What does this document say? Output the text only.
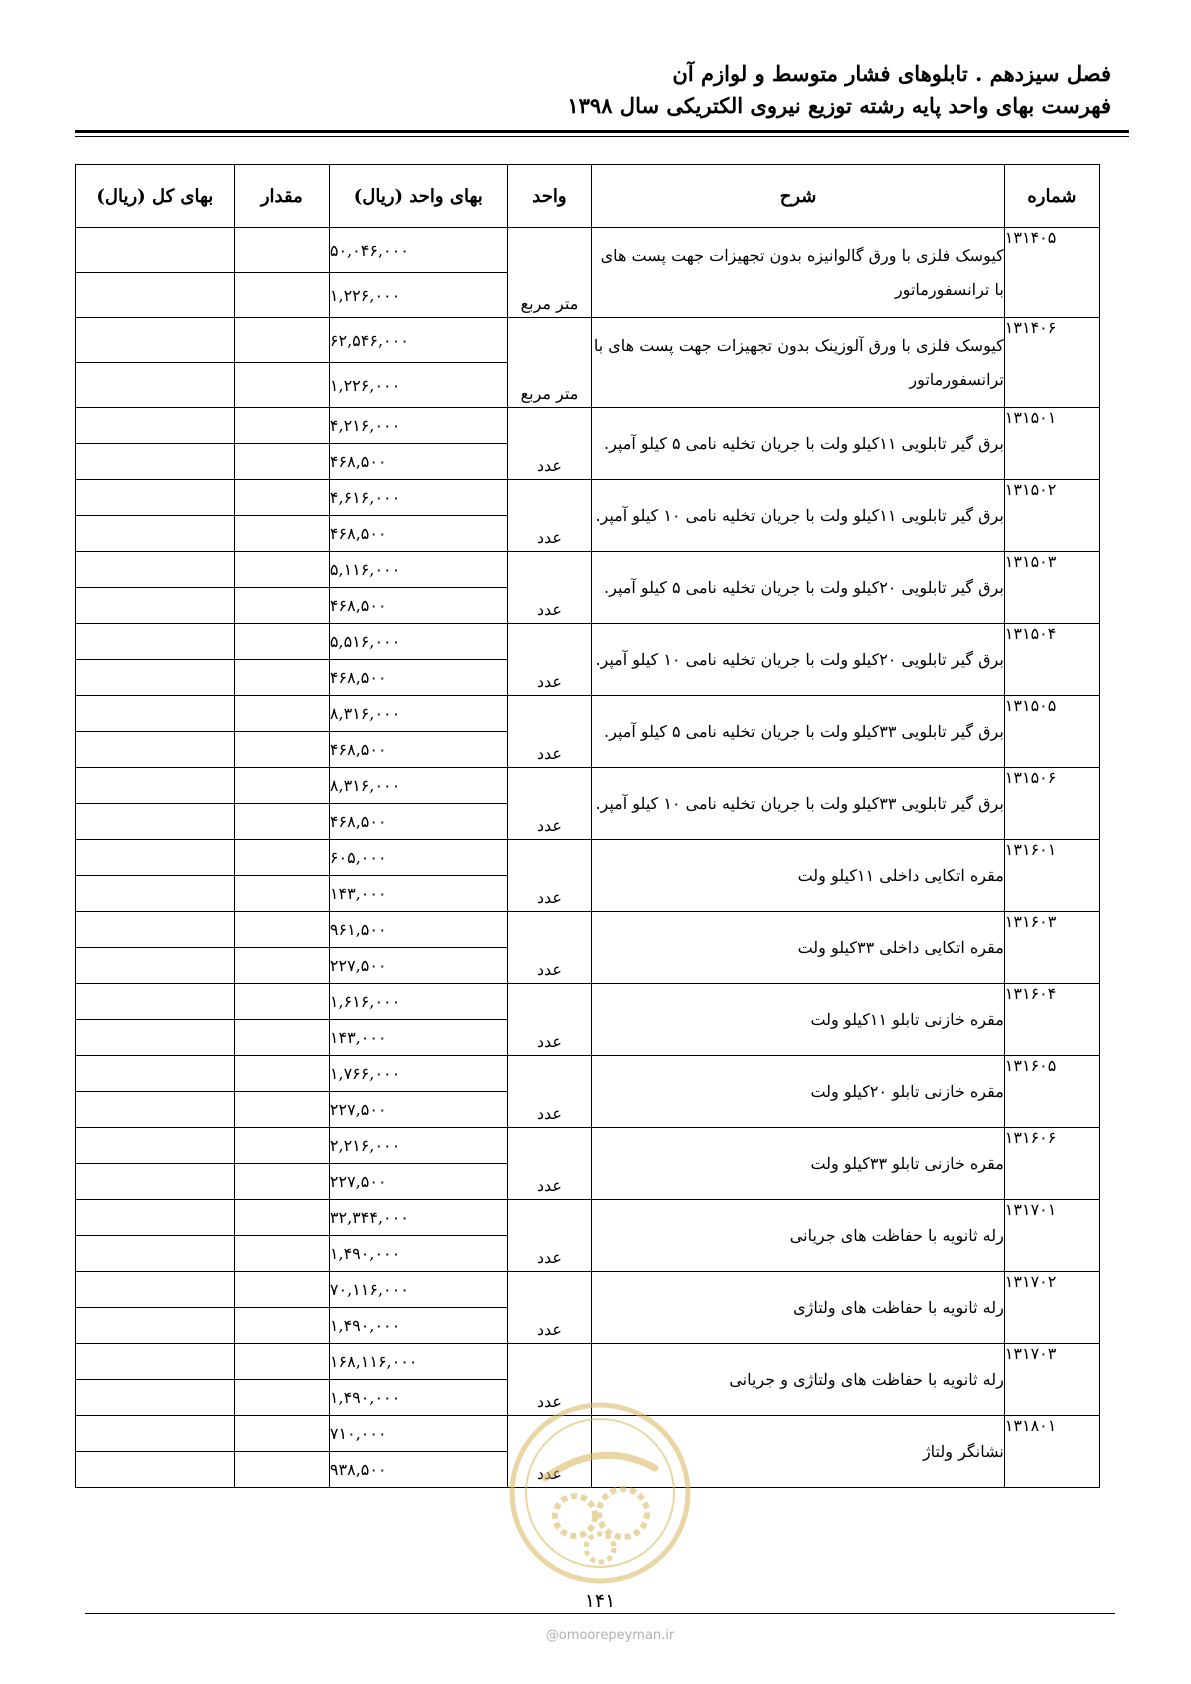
فصل سیزدهم . تابلوهای فشار متوسط و لوازم آن
فهرست بهای واحد پایه رشته توزیع نیروی الکتریکی سال ۱۳۹۸
شماره	شرح	واحد	بهای واحد (ریال)	مقدار	بهای کل (ریال)
۱۳۱۴۰۵	کیوسک فلزی با ورق گالوانیزه بدون تجهیزات جهت پست های با ترانسفورماتور	متر مربع	۵۰,۰۴۶,۰۰۰		
			۱,۲۲۶,۰۰۰		
۱۳۱۴۰۶	کیوسک فلزی با ورق آلوزینک بدون تجهیزات جهت پست های با ترانسفورماتور	متر مربع	۶۲,۵۴۶,۰۰۰		
			۱,۲۲۶,۰۰۰		
۱۳۱۵۰۱	برق گیر تابلویی ۱۱کیلو ولت با جریان تخلیه نامی ۵ کیلو آمپر.	عدد	۴,۲۱۶,۰۰۰		
			۴۶۸,۵۰۰		
۱۳۱۵۰۲	برق گیر تابلویی ۱۱کیلو ولت با جریان تخلیه نامی ۱۰ کیلو آمپر.	عدد	۴,۶۱۶,۰۰۰		
			۴۶۸,۵۰۰		
۱۳۱۵۰۳	برق گیر تابلویی ۲۰کیلو ولت با جریان تخلیه نامی ۵ کیلو آمپر.	عدد	۵,۱۱۶,۰۰۰		
			۴۶۸,۵۰۰		
۱۳۱۵۰۴	برق گیر تابلویی ۲۰کیلو ولت با جریان تخلیه نامی ۱۰ کیلو آمپر.	عدد	۵,۵۱۶,۰۰۰		
			۴۶۸,۵۰۰		
۱۳۱۵۰۵	برق گیر تابلویی ۳۳کیلو ولت با جریان تخلیه نامی ۵ کیلو آمپر.	عدد	۸,۳۱۶,۰۰۰		
			۴۶۸,۵۰۰		
۱۳۱۵۰۶	برق گیر تابلویی ۳۳کیلو ولت با جریان تخلیه نامی ۱۰ کیلو آمپر.	عدد	۸,۳۱۶,۰۰۰		
			۴۶۸,۵۰۰		
۱۳۱۶۰۱	مقره اتکایی داخلی ۱۱کیلو ولت	عدد	۶۰۵,۰۰۰		
			۱۴۳,۰۰۰		
۱۳۱۶۰۳	مقره اتکایی داخلی ۳۳کیلو ولت	عدد	۹۶۱,۵۰۰		
			۲۲۷,۵۰۰		
۱۳۱۶۰۴	مقره خازنی تابلو ۱۱کیلو ولت	عدد	۱,۶۱۶,۰۰۰		
			۱۴۳,۰۰۰		
۱۳۱۶۰۵	مقره خازنی تابلو ۲۰کیلو ولت	عدد	۱,۷۶۶,۰۰۰		
			۲۲۷,۵۰۰		
۱۳۱۶۰۶	مقره خازنی تابلو ۳۳کیلو ولت	عدد	۲,۲۱۶,۰۰۰		
			۲۲۷,۵۰۰		
۱۳۱۷۰۱	رله ثانویه با حفاظت های جریانی	عدد	۳۲,۳۴۴,۰۰۰		
			۱,۴۹۰,۰۰۰		
۱۳۱۷۰۲	رله ثانویه با حفاظت های ولتاژی	عدد	۷۰,۱۱۶,۰۰۰		
			۱,۴۹۰,۰۰۰		
۱۳۱۷۰۳	رله ثانویه با حفاظت های ولتاژی و جریانی	عدد	۱۶۸,۱۱۶,۰۰۰		
			۱,۴۹۰,۰۰۰		
۱۳۱۸۰۱	نشانگر ولتاژ	عدد	۷۱۰,۰۰۰		
			۹۳۸,۵۰۰		
۱۴۱
@omoorepeyman.ir
